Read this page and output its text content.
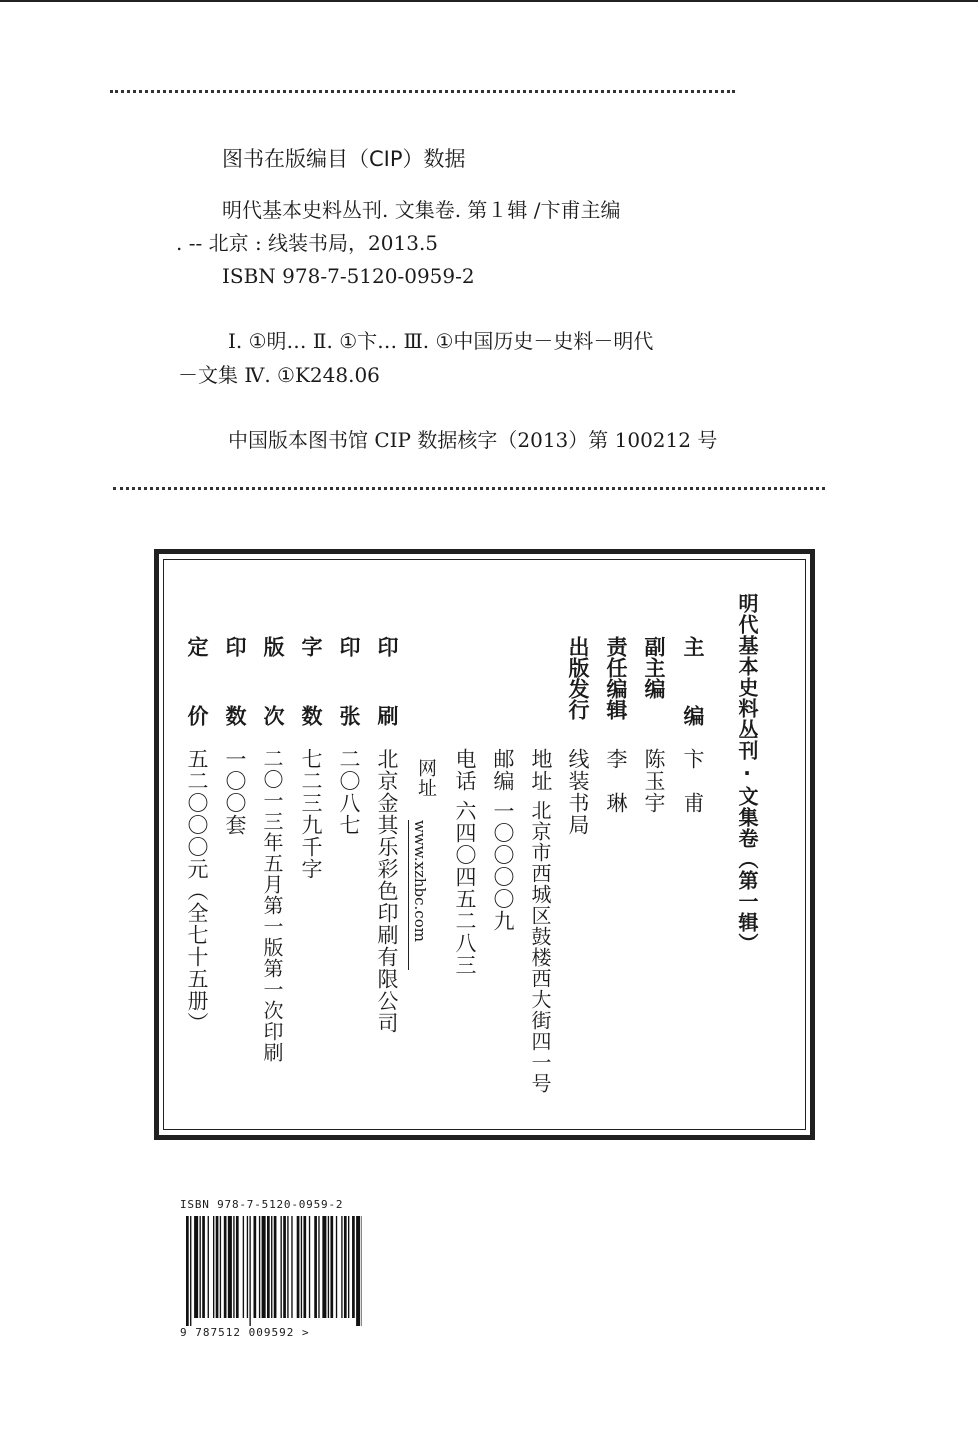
图书在版编目（CIP）数据
明代基本史料丛刊. 文集卷. 第１辑 /卞甫主编
. -- 北京 : 线装书局，2013.5
ISBN 978-7-5120-0959-2
Ⅰ. ①明… Ⅱ. ①卞… Ⅲ. ①中国历史－史料－明代
－文集 Ⅳ. ①K248.06
中国版本图书馆 CIP 数据核字（2013）第 100212 号
明代基本史料丛刊·文集卷︵第一辑︶
主　编
卞　甫
副主编
陈玉宇
责任编辑
李　琳
出版发行
线装书局
地址
北京市西城区鼓楼西大街四一号
邮编
一〇〇〇〇九
电话
六四〇四五二八三
网址
www.xzhbc.com
印　刷
北京金其乐彩色印刷有限公司
印　张
二〇八七
字　数
七二三九千字
版　次
二〇一三年五月第一版第一次印刷
印　数
一〇〇套
定　价
五二〇〇〇元︵全七十五册︶
ISBN 978-7-5120-0959-2
9 787512 009592 >
